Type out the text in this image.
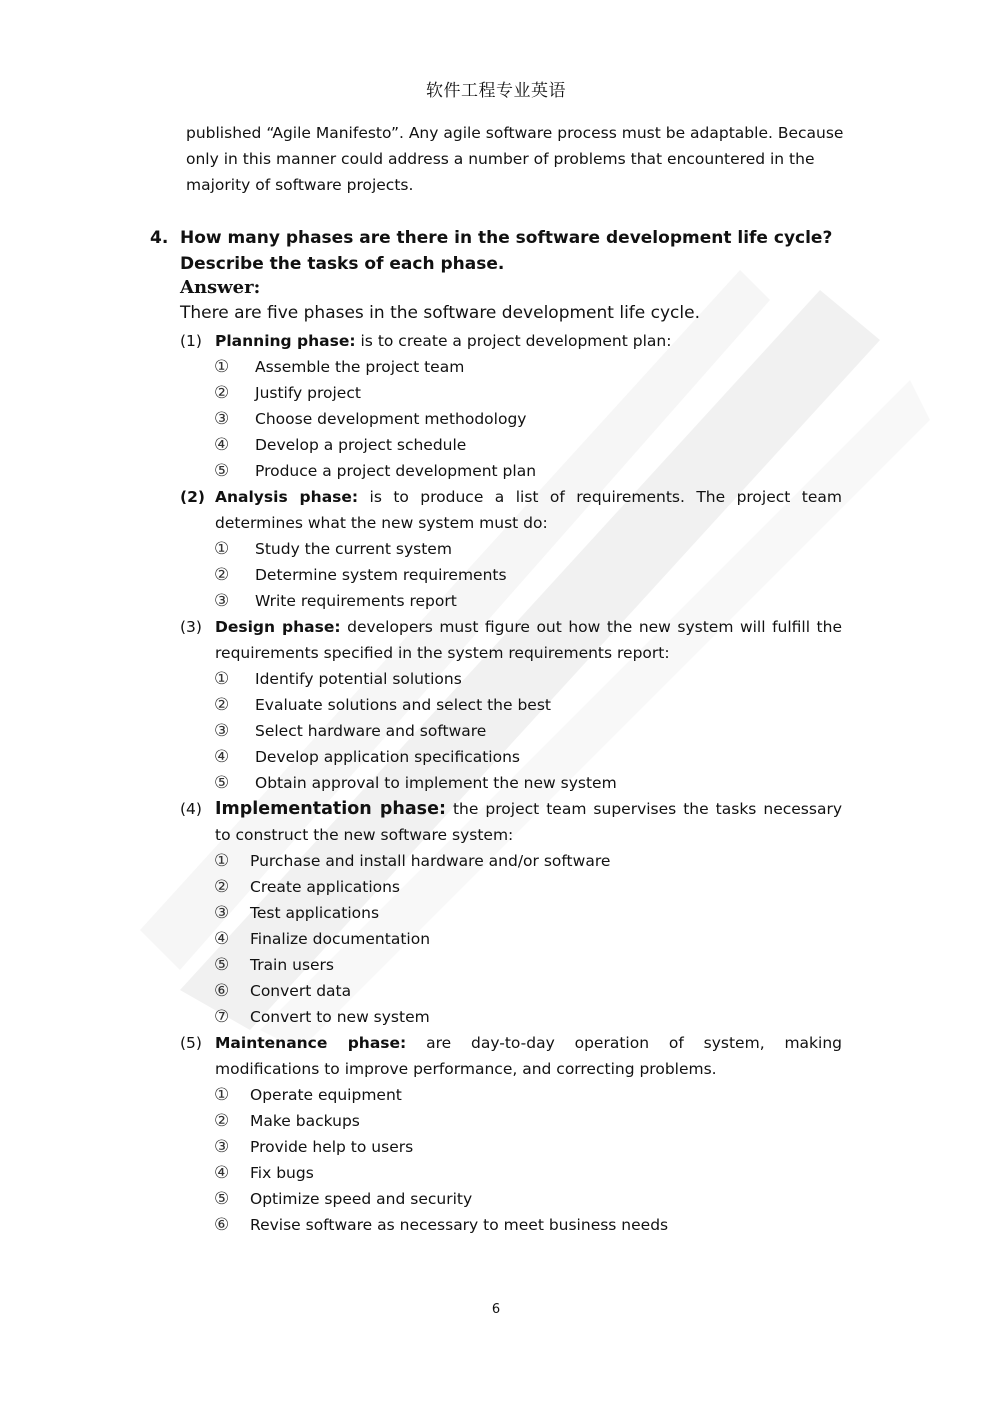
软件工程专业英语

published “Agile Manifesto”. Any agile software process must be adaptable. Because

only in this manner could address a number of problems that encountered in the

majority of software projects.

4. How many phases are there in the software development life cycle? Describe the tasks of each phase.
Answer:
There are five phases in the software development life cycle.
(1) Planning phase: is to create a project development plan:
① Assemble the project team
② Justify project
③ Choose development methodology
④ Develop a project schedule
⑤ Produce a project development plan
(2) Analysis phase: is to produce a list of requirements. The project team determines what the new system must do:
① Study the current system
② Determine system requirements
③ Write requirements report
(3) Design phase: developers must figure out how the new system will fulfill the requirements specified in the system requirements report:
① Identify potential solutions
② Evaluate solutions and select the best
③ Select hardware and software
④ Develop application specifications
⑤ Obtain approval to implement the new system
(4) Implementation phase: the project team supervises the tasks necessary to construct the new software system:
① Purchase and install hardware and/or software
② Create applications
③ Test applications
④ Finalize documentation
⑤ Train users
⑥ Convert data
⑦ Convert to new system
(5) Maintenance phase: are day-to-day operation of system, making modifications to improve performance, and correcting problems.
① Operate equipment
② Make backups
③ Provide help to users
④ Fix bugs
⑤ Optimize speed and security
⑥ Revise software as necessary to meet business needs
6
